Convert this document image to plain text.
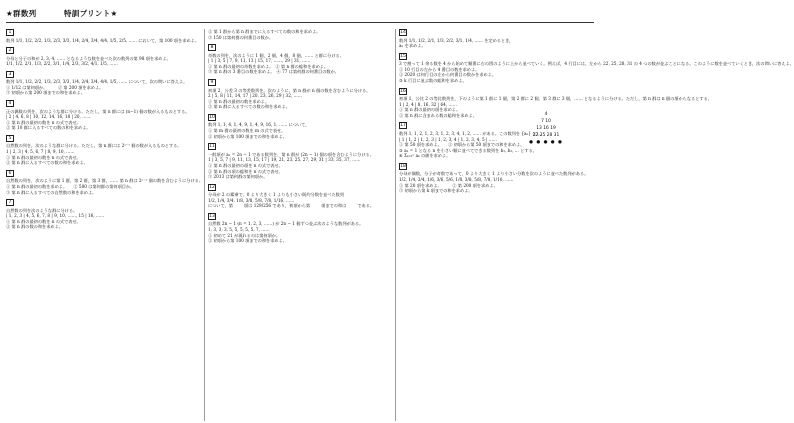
★群数列	特訓プリント★
1
数列 1/1, 1/2, 2/2, 1/3, 2/3, 3/3, 1/4, 2/4, 3/4, 4/4, 1/5, 2/5, …… において，第 100 項を求めよ。
2
分母と分子の和が 2, 3, 4, …… となるような数を並べた次の数列の第 98 項を求めよ。
1/1, 1/2, 2/1, 1/3, 2/2, 3/1, 1/4, 2/3, 3/2, 4/1, 1/5, ……
3
数列 1/1, 1/2, 2/2, 1/3, 2/3, 3/3, 1/4, 2/4, 3/4, 4/4, 1/5, …… について，次の問いに答えよ。
① 1/12 は第何項か。　　　② 第 200 項を求めよ。
③ 初項から第 200 項までの和を求めよ。
4
正の偶数の列を，次のような群に分ける。ただし，第 n 群には (n−1) 個の数が入るものとする。
| 2 | 4, 6, 8 | 10, 12, 14, 16, 18 | 20, ……
① 第 n 群の最初の数を n の式で表せ。
② 第 10 群に入るすべての数の和を求めよ。
5
自然数の列を，次のような群に分ける。ただし，第 n 群には 2ⁿ⁻¹ 個の数が入るものとする。
1 | 2, 3 | 4, 5, 6, 7 | 8, 9, 10, ……
① 第 n 群の最初の数を n の式で表せ。
② 第 n 群に入るすべての数の和を求めよ。
6
自然数の列を，次のように第 1 群，第 2 群，第 3 群，…… 第 n 群は 2ⁿ⁻¹ 個の数を含むように分ける。
① 第 n 群の最初の数を求めよ。　　② 500 は第何群の第何項目か。
③ 第 n 群に入るすべての自然数の和を求めよ。
7
自然数の列を次のような群に分ける。
| 1, 2, 3 | 4, 5, 6, 7, 8 | 9, 10, ……, 15 | 16, ……
① 第 n 群の最初の数を n の式で表せ。
② 第 n 群の数の和を求めよ。
② 第 1 群から第 n 群までに入るすべての数の和を求めよ。
③ 150 は第何群の何番目の数か。
8
奇数の列を，次のように 1 個，2 個，4 個，8 個，…… と群に分ける。
| 1 | 3, 5 | 7, 9, 11, 13 | 15, 17, ……, 29 | 31, ……
① 第 n 群の最初の奇数を求めよ。　② 第 n 群の総和を求めよ。
③ 第 n 群の 3 番目の数を求めよ。　④ 77 は第何群の何番目の数か。
9
初項 2，公差 3 の等差数列を，次のように，第 n 群が n 個の数を含むように分ける。
2 | 5, 8 | 11, 14, 17 | 20, 23, 26, 29 | 32, ……
① 第 n 群の最初の数を求めよ。
② 第 n 群に入るすべての数の和を求めよ。
10
数列 1, 1, 4, 1, 4, 9, 1, 4, 9, 16, 1, …… について，
① 第 m 群の最初の数を m の式で表せ。
② 初項から第 100 項までの和を求めよ。
11
一般項が aₙ = 2n − 1 である数列を，第 n 群が (2n − 1) 個の項を含むように分ける。
1 | 3, 5, 7 | 9, 11, 13, 15, 17 | 19, 21, 23, 25, 27, 29, 31 | 33, 35, 37, ……
① 第 n 群の最初の項を n の式で表せ。
② 第 n 群の項の総和を n の式で表せ。
③ 2013 は第何群の第何項か。
12
分母が 2 の累乗で，0 より大きく 1 よりも小さい既約分数を並べた数列
1/2, 1/4, 3/4, 1/8, 3/8, 5/8, 7/8, 1/16, ……
について，第 　　 項は 129/256 であり，初項から第 　　 項までの和は 　　 である。
13
自然数 2n − 1 (n = 1, 2, 3, ……) が 2n − 1 個ずつ並ぶ次のような数列がある。
1, 3, 3, 3, 5, 5, 5, 5, 5, 7, ……
① 初めて 21 が現れるのは第何項か。
② 初項から第 100 項までの和を求めよ。
14
数列 1/1, 1/2, 2/1, 1/3, 2/2, 3/1, 1/4, …… を定めるとき，
aₙ を求めよ。
15
3 で割って 1 余る数を 4 から始めて順番に右の図のように上から並べていく。例えば，4 行目には，左から 22, 25, 28, 31 の 4 つの数が並ぶことになる。このように数を並べていくとき，次の問いに答えよ。
① 10 行目の左から 4 番目の数を求めよ。
② 2020 は何行目の左から何番目の数かを求めよ。
③ k 行目に並ぶ数の総和を求めよ。
16
初項 1，公比 2 の等比数列を，下のように第 1 群に 1 個，第 2 群に 2 個，第 3 群に 3 個，…… となるように分ける。ただし，第 n 群は n 個の項からなるとする。
1 | 2, 4 | 8, 16, 32 | 64, ……
① 第 n 群の最初の項を求めよ。
② 第 n 群に含まれる数の総和を求めよ。
17
数列 1, 1, 2, 1, 2, 3, 1, 2, 3, 4, 1, 2, …… がある。この数列を {aₙ} とし，
| 1 | 1, 2 | 1, 2, 3 | 1, 2, 3, 4 | 1, 2, 3, 4, 5 | ……
① 第 50 項を求めよ。　　② 初項から第 50 項までの和を求めよ。
③ aₙ = 1 となる n を小さい順に並べてできる数列を b₁, b₂, … とする。
④ Σₖ₌₁ⁿ aₖ の値を求めよ。
18
分母が偶数，分子が奇数であって，0 より大きく 1 より小さい分数を次のように並べた数列がある。
1/2, 1/4, 3/4, 1/6, 3/6, 5/6, 1/8, 3/8, 5/8, 7/8, 1/10, ……
① 第 20 項を求めよ。　　　② 第 200 項を求めよ。
③ 初項から第 k 項までの和を求めよ。
4
7 10
13 16 19
22 25 28 31
● ● ● ● ●
